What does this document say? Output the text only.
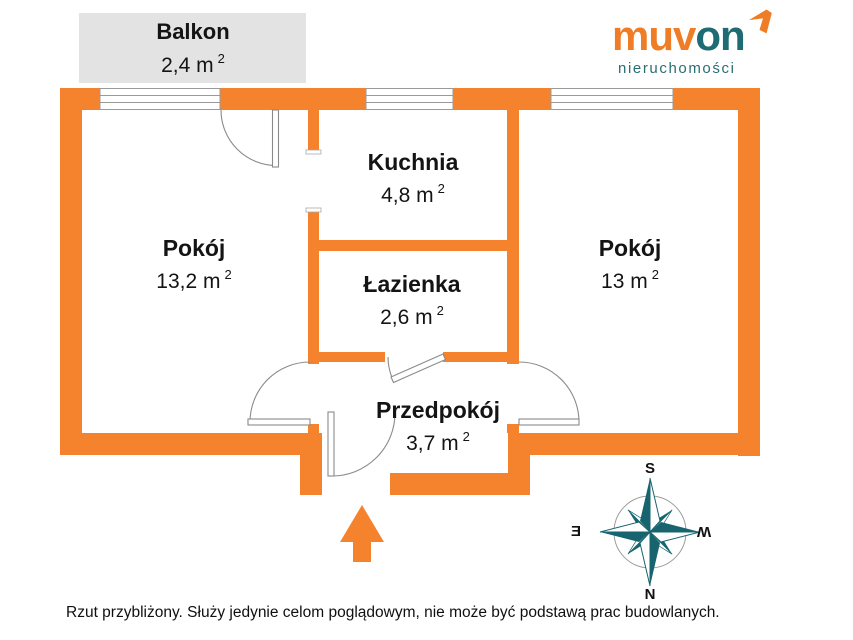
Balkon
2,4 m $^2$
Pokój
13,2 m $^2$
Kuchnia
4,8 m $^2$
Łazienka
2,6 m $^2$
Pokój
13 m $^2$
Przedpokój
3,7 m $^2$
muvon
nieruchomości
S
N
E	W
Rzut przybliżony. Służy jedynie celom poglądowym, nie może być podstawą prac budowlanych.
